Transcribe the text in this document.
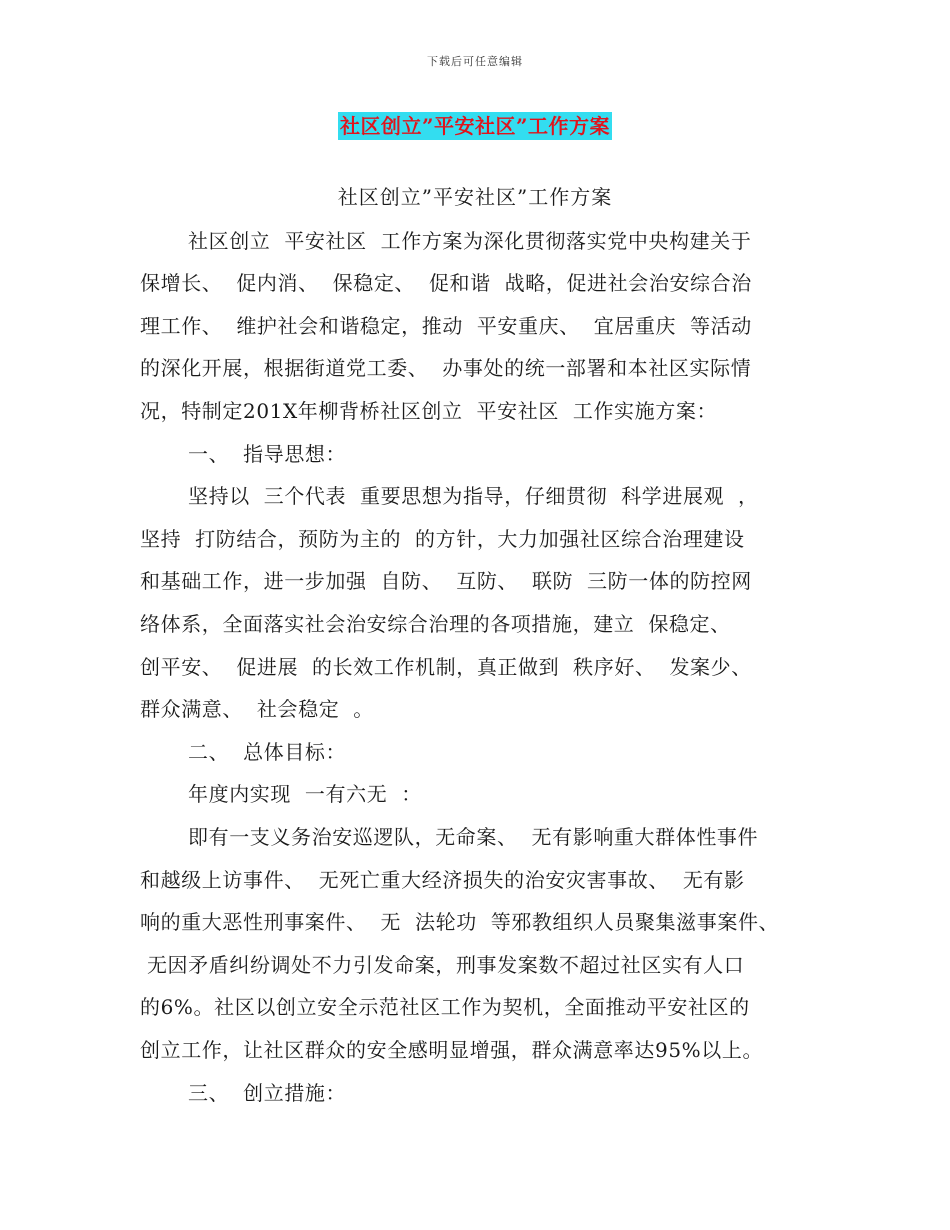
下载后可任意编辑
社区创立”平安社区”工作方案
社区创立”平安社区”工作方案
社区创立  平安社区  工作方案为深化贯彻落实党中央构建关于
保增长、  促内消、  保稳定、  促和谐  战略，促进社会治安综合治
理工作、  维护社会和谐稳定，推动  平安重庆、  宜居重庆  等活动
的深化开展，根据街道党工委、  办事处的统一部署和本社区实际情
况，特制定201X年柳背桥社区创立  平安社区  工作实施方案：
一、  指导思想：
坚持以  三个代表  重要思想为指导，仔细贯彻  科学进展观  ，
坚持  打防结合，预防为主的  的方针，大力加强社区综合治理建设
和基础工作，进一步加强  自防、  互防、  联防  三防一体的防控网
络体系，全面落实社会治安综合治理的各项措施，建立  保稳定、
创平安、  促进展  的长效工作机制，真正做到  秩序好、  发案少、
群众满意、  社会稳定  。
二、  总体目标：
年度内实现  一有六无  ：
即有一支义务治安巡逻队，无命案、  无有影响重大群体性事件
和越级上访事件、  无死亡重大经济损失的治安灾害事故、  无有影
响的重大恶性刑事案件、  无  法轮功  等邪教组织人员聚集滋事案件、
无因矛盾纠纷调处不力引发命案，刑事发案数不超过社区实有人口
的6%。社区以创立安全示范社区工作为契机，全面推动平安社区的
创立工作，让社区群众的安全感明显增强，群众满意率达95%以上。
三、  创立措施：
